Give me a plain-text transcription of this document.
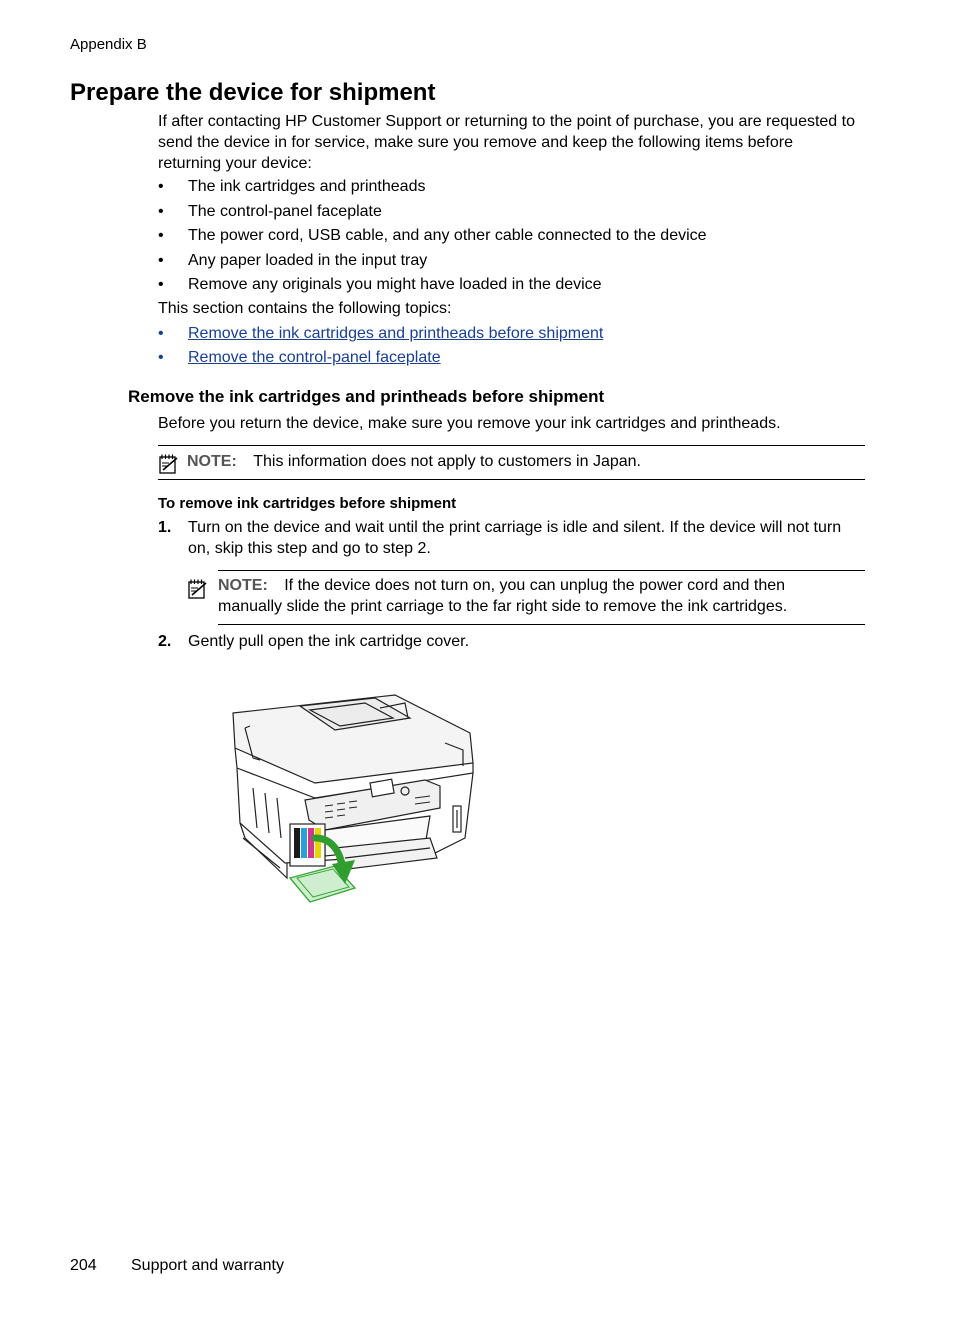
Appendix B
Prepare the device for shipment
If after contacting HP Customer Support or returning to the point of purchase, you are requested to send the device in for service, make sure you remove and keep the following items before returning your device:
• The ink cartridges and printheads
• The control-panel faceplate
• The power cord, USB cable, and any other cable connected to the device
• Any paper loaded in the input tray
• Remove any originals you might have loaded in the device
This section contains the following topics:
• Remove the ink cartridges and printheads before shipment
• Remove the control-panel faceplate
Remove the ink cartridges and printheads before shipment
Before you return the device, make sure you remove your ink cartridges and printheads.
NOTE: This information does not apply to customers in Japan.
To remove ink cartridges before shipment
1. Turn on the device and wait until the print carriage is idle and silent. If the device will not turn
on, skip this step and go to step 2.
NOTE: If the device does not turn on, you can unplug the power cord and then
manually slide the print carriage to the far right side to remove the ink cartridges.
2. Gently pull open the ink cartridge cover.
204 Support and warranty
